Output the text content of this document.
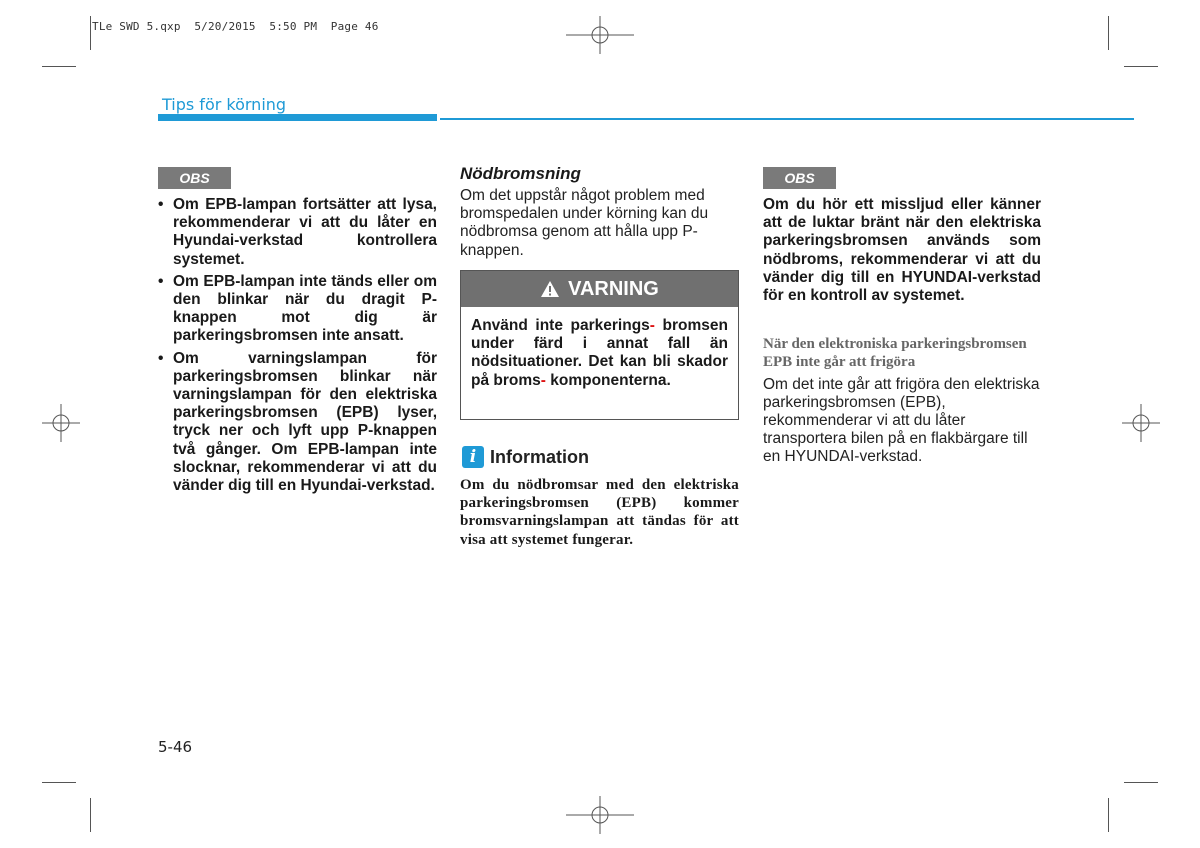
TLe SWD 5.qxp  5/20/2015  5:50 PM  Page 46
Tips för körning
OBS
• Om EPB-lampan fortsätter att lysa, rekommenderar vi att du låter en Hyundai-verkstad kontrollera systemet.
• Om EPB-lampan inte tänds eller om den blinkar när du dragit P-knappen mot dig är parkeringsbromsen inte ansatt.
• Om varningslampan för parkeringsbromsen blinkar när varningslampan för den elektriska parkeringsbromsen (EPB) lyser, tryck ner och lyft upp P-knappen två gånger. Om EPB-lampan inte slocknar, rekommenderar vi att du vänder dig till en Hyundai-verkstad.

Nödbromsning

Om det uppstår något problem med bromspedalen under körning kan du nödbromsa genom att hålla upp P-knappen.

VARNING
Använd inte parkerings- bromsen under färd i annat fall än nödsituationer. Det kan bli skador på broms- komponenterna.
i Information
Om du nödbromsar med den elektriska parkeringsbromsen (EPB) kommer bromsvarningslampan att tändas för att visa att systemet fungerar.
OBS

Om du hör ett missljud eller känner att de luktar bränt när den elektriska parkeringsbromsen används som nödbroms, rekommenderar vi att du vänder dig till en HYUNDAI-verkstad för en kontroll av systemet.

När den elektroniska parkeringsbromsen EPB inte går att frigöra

Om det inte går att frigöra den elektriska parkeringsbromsen (EPB), rekommenderar vi att du låter transportera bilen på en flakbärgare till en HYUNDAI-verkstad.

5-46
